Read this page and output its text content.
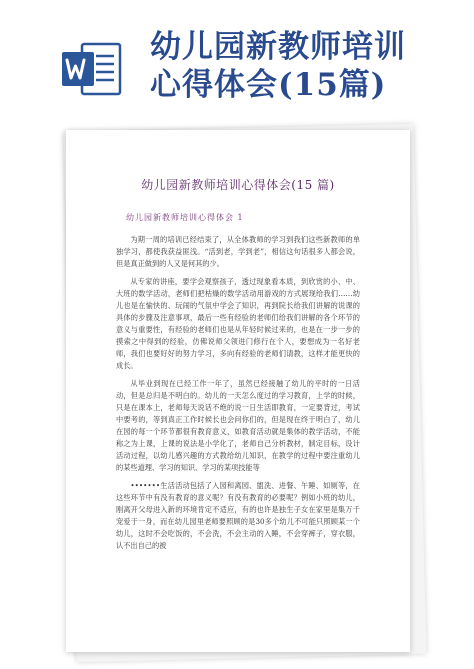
幼儿园新教师培训
心得体会(15篇)
幼儿园新教师培训心得体会(15 篇)
幼儿园新教师培训心得体会 1

为期一周的培训已经结束了，从全体教师的学习到我们这些新教师的单独学习，都使我获益匪浅。“活到老，学到老”，相信这句话很多人都会说，但是真正做到的人又是何其的少。

从专家的讲座，要学会观察孩子，透过现象看本质，到欣赏的小、中、大班的数学活动，老师们把枯燥的数学活动用游戏的方式展现给我们……幼儿也是在愉快的、玩闹的气氛中学会了知识，再到院长给我们讲解的说课的具体的步骤及注意事项，最后一些有经验的老师们给我们讲解的各个环节的意义与重要性，有经验的老师们也是从年轻时候过来的，也是在一步一步的摸索之中得到的经验，仿佛说师父领进门修行在个人，要想成为一名好老师，我们也要好好的努力学习，多向有经验的老师们请教，这样才能更快的成长。

从毕业到现在已经工作一年了，虽然已经接触了幼儿的平时的一日活动，但是总归是不明白的。幼儿的一天怎么度过的学习教育，上学的时候，只是在课本上，老师每天说话不绝的说一日生活即教育，一定要背过，考试中要考的，等到真正工作时候长也会问你们的，但是现在终于明白了，幼儿在园的每一个环节都很有教育意义，如教育活动就是集体的教学活动，不能称之为上课，上课的说法是小学化了，老师自己分析教材，制定目标，设计活动过程，以幼儿感兴趣的方式教给幼儿知识，在教学的过程中要注重幼儿的某些道理、学习的知识、学习的某项技能等

•••••••生活活动包括了入园和离园、盥洗、进餐、午睡、如厕等，在这些环节中有没有教育的意义呢？有没有教育的必要呢？例如小班的幼儿，刚离开父母进入新的环境肯定不适应，有的也许是独生子女在家里是集万千宠爱于一身，而在幼儿园里老师要照顾的是30多个幼儿不可能只照顾某一个幼儿，这时不会吃饭的，不会洗，不会主动的入睡，不会穿裤子，穿衣服，认不出自己的被
